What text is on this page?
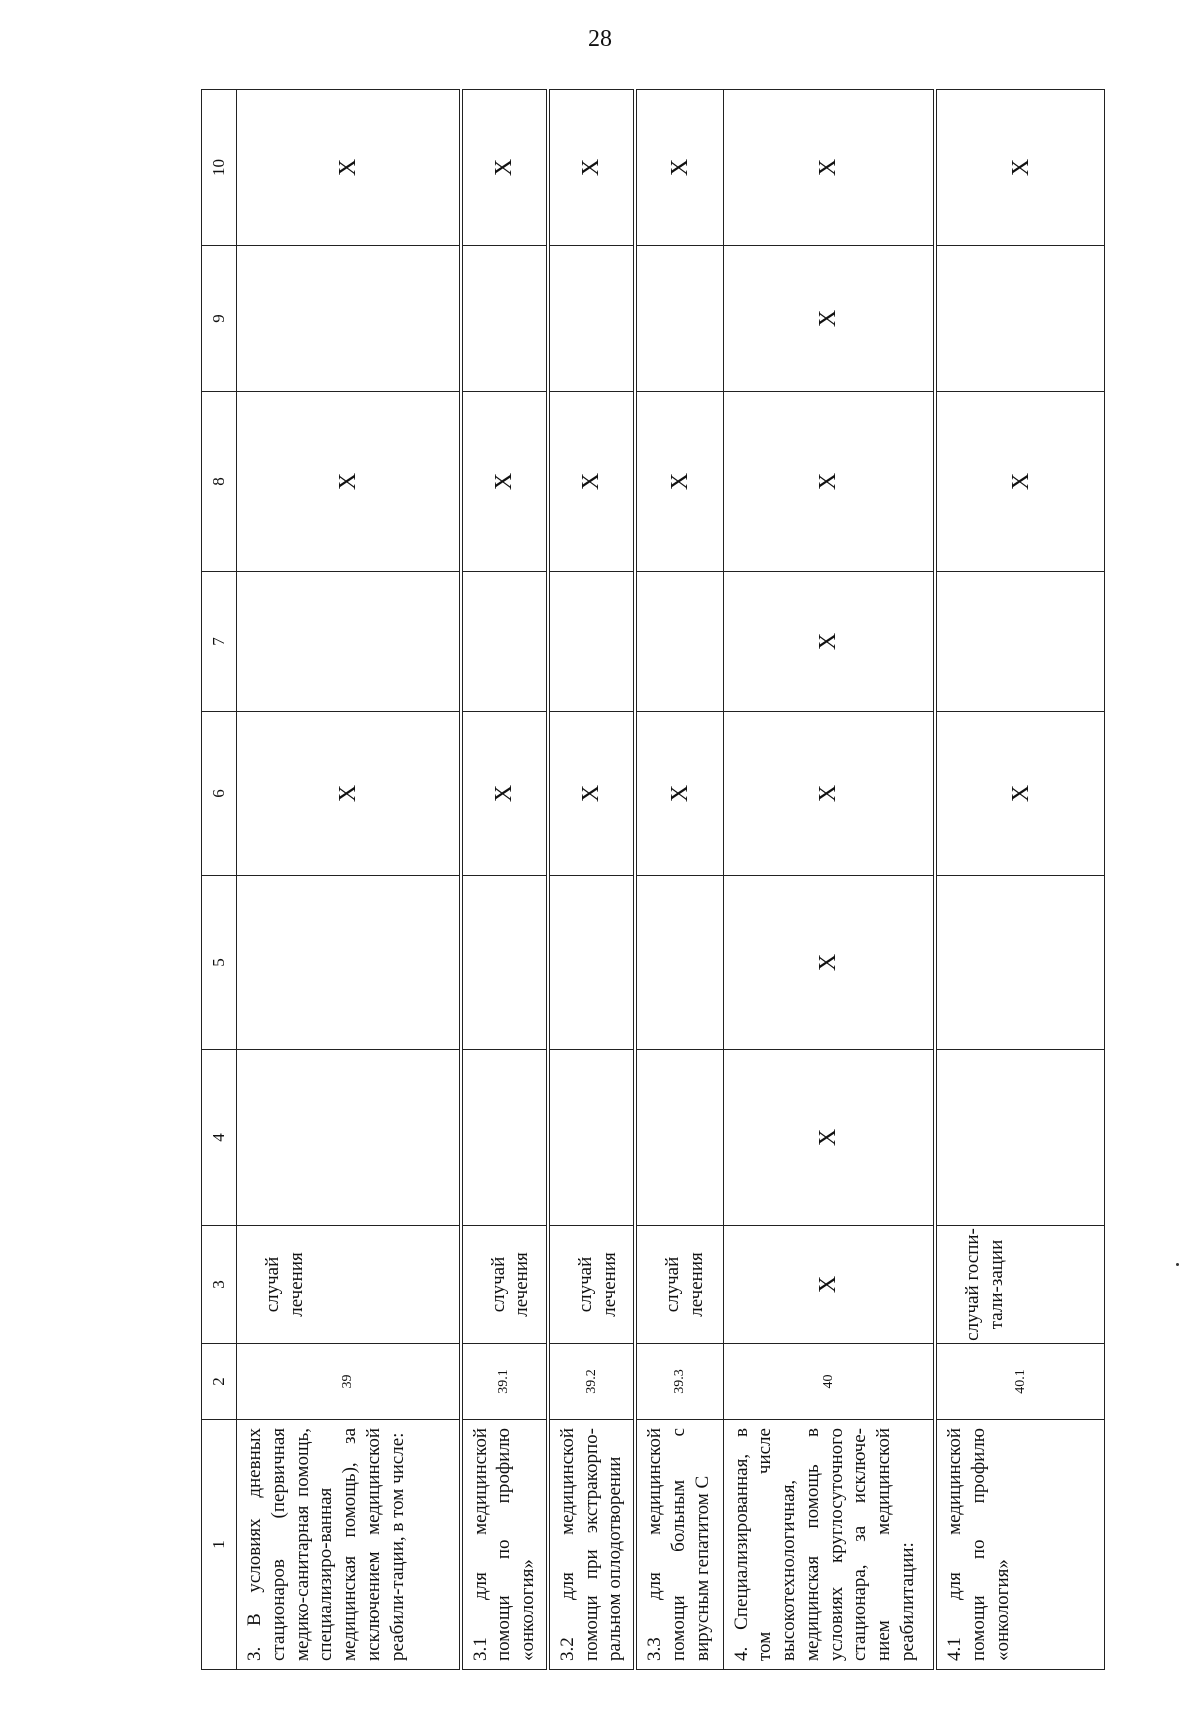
28
1	2	3	4	5	6	7	8	9	10
3. В условиях дневных стационаров (первичная медико-санитарная помощь, специализиро-ванная медицинская помощь), за исключением медицинской реабили-тации, в том числе:	39	случай лечения			X		X		X
3.1 для медицинской помощи по профилю «онкология»	39.1	случай лечения			X		X		X
3.2 для медицинской помощи при экстракорпо-ральном оплодотворении	39.2	случай лечения			X		X		X
3.3 для медицинской помощи больным с вирусным гепатитом С	39.3	случай лечения			X		X		X
4. Специализированная, в том числе высокотехнологичная, медицинская помощь в условиях круглосуточного стационара, за исключе-нием медицинской реабилитации:	40	X	X	X	X	X	X	X	X
4.1 для медицинской помощи по профилю «онкология»	40.1	случай госпи-тали-зации			X		X		X
